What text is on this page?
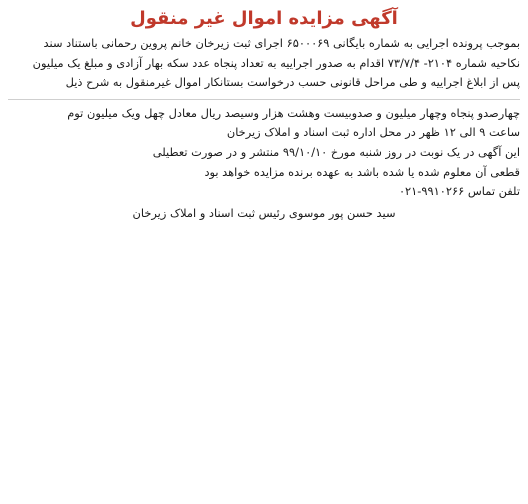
آگهی مزایده اموال غیر منقول
بموجب پرونده اجرایی به شماره بایگانی ۶۵۰۰۰۶۹ اجرای ثبت زیرخان خانم پروین رحمانی باستناد سند
نکاحیه شماره ۲۱۰۴- ۷۳/۷/۴ اقدام به صدور اجراییه به تعداد پنجاه عدد سکه بهار آزادی و مبلغ یک میلیون
پس از ابلاغ اجراییه و طی مراحل قانونی حسب درخواست بستانکار اموال غیرمنقول به شرح ذیل
چهارصدو پنجاه وچهار میلیون و صدوبیست وهشت هزار وسیصد ریال معادل چهل ویک میلیون توم
ساعت ۹ الی ۱۲ ظهر در محل اداره ثبت اسناد و املاک زیرخان
این آگهی در یک نوبت در روز شنبه مورخ ۹۹/۱۰/۱۰ منتشر و در صورت تعطیلی
قطعی آن معلوم شده یا شده باشد به عهده برنده مزایده خواهد بود
تلفن تماس ۹۹۱۰۲۶۶-۰۲۱
سید حسن پور موسوی رئیس ثبت اسناد و املاک زیرخان
